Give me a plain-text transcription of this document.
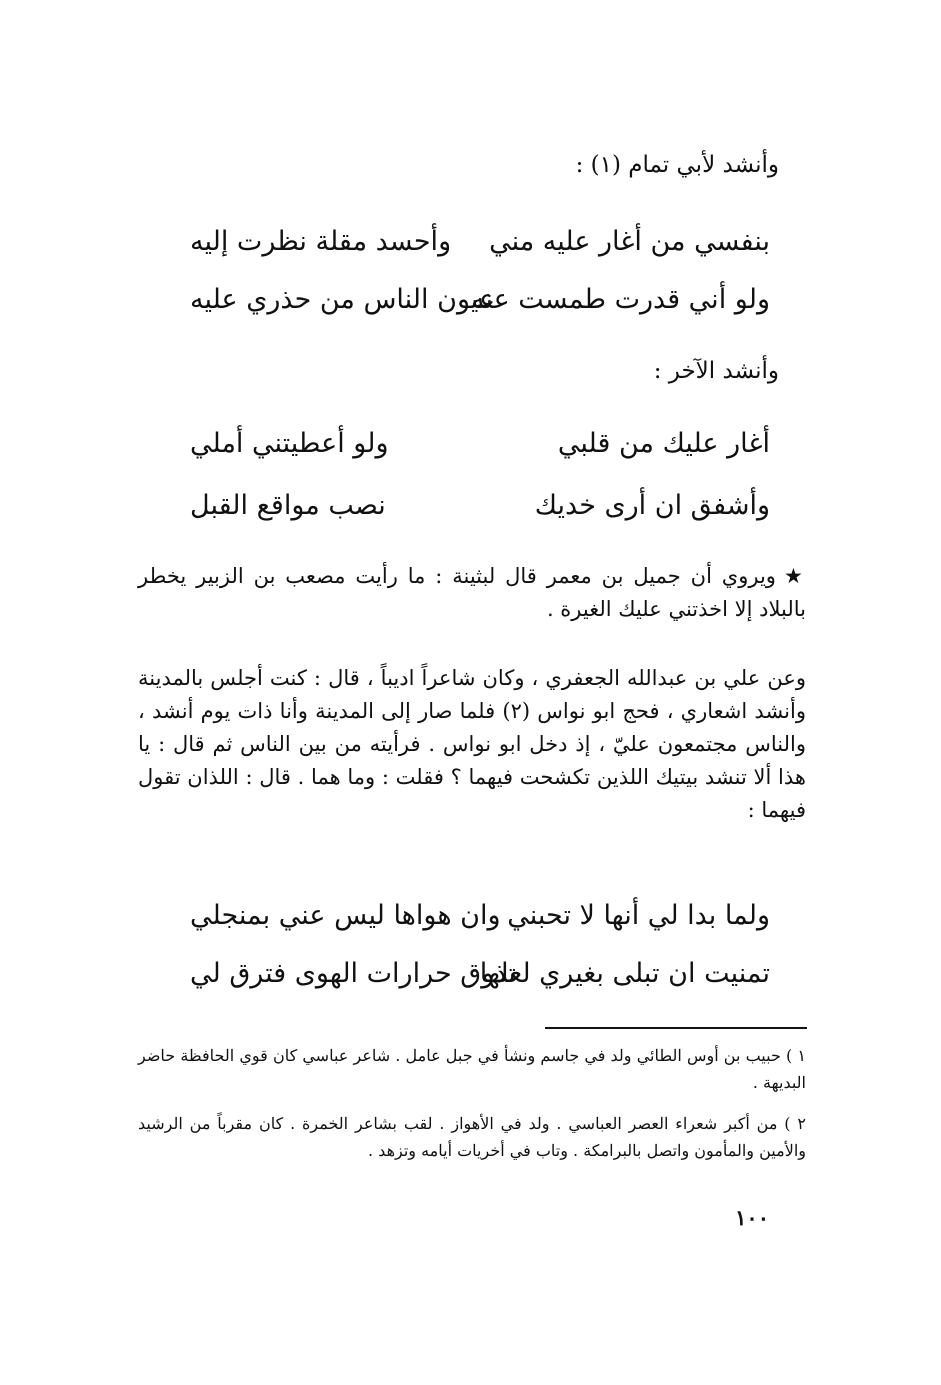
وأنشد لأبي تمام (١) :
بنفسي من أغار عليه مني
وأحسد مقلة نظرت إليه
ولو أني قدرت طمست عنه
عيون الناس من حذري عليه
وأنشد الآخر :
أغار عليك من قلبي
ولو أعطيتني أملي
وأشفق ان أرى خديك
نصب مواقع القبل
★ويروي أن جميل بن معمر قال لبثينة : ما رأيت مصعب بن الزبير يخطر بالبلاد إلا اخذتني عليك الغيرة .
وعن علي بن عبدالله الجعفري ، وكان شاعراً اديباً ، قال : كنت أجلس بالمدينة وأنشد اشعاري ، فحج ابو نواس (٢) فلما صار إلى المدينة وأنا ذات يوم أنشد ، والناس مجتمعون عليّ ، إذ دخل ابو نواس . فرأيته من بين الناس ثم قال : يا هذا ألا تنشد بيتيك اللذين تكشحت فيهما ؟ فقلت : وما هما . قال : اللذان تقول فيهما :
ولما بدا لي أنها لا تحبني
وان هواها ليس عني بمنجلي
تمنيت ان تبلى بغيري لعلها
تذوق حرارات الهوى فترق لي
١ ) حبيب بن أوس الطائي ولد في جاسم ونشأ في جبل عامل . شاعر عباسي كان قوي الحافظة حاضر البديهة .
٢ ) من أكبر شعراء العصر العباسي . ولد في الأهواز . لقب بشاعر الخمرة . كان مقرباً من الرشيد والأمين والمأمون واتصل بالبرامكة . وتاب في أخريات أيامه وتزهد .
١٠٠
